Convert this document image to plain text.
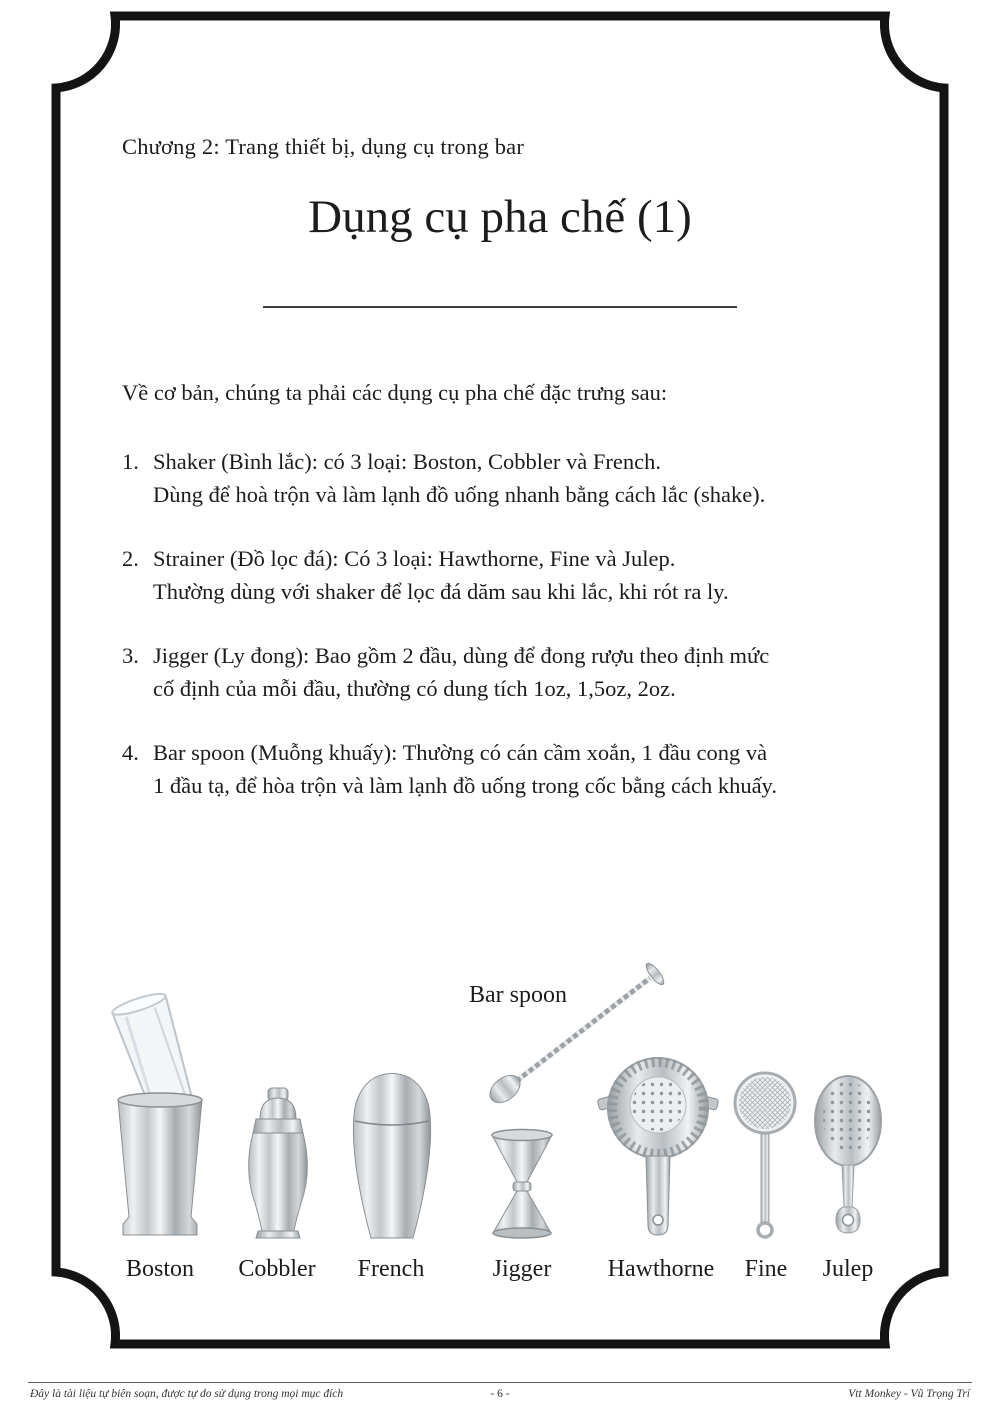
Chương 2: Trang thiết bị, dụng cụ trong bar
Dụng cụ pha chế (1)
Về cơ bản, chúng ta phải các dụng cụ pha chế đặc trưng sau:
1. Shaker (Bình lắc): có 3 loại: Boston, Cobbler và French.
Dùng để hoà trộn và làm lạnh đồ uống nhanh bằng cách lắc (shake).
2. Strainer (Đồ lọc đá): Có 3 loại: Hawthorne, Fine và Julep.
Thường dùng với shaker để lọc đá dăm sau khi lắc, khi rót ra ly.
3. Jigger (Ly đong): Bao gồm 2 đầu, dùng để đong rượu theo định mức
cố định của mỗi đầu, thường có dung tích 1oz, 1,5oz, 2oz.
4. Bar spoon (Muỗng khuấy): Thường có cán cầm xoắn, 1 đầu cong và
1 đầu tạ, để hòa trộn và làm lạnh đồ uống trong cốc bằng cách khuấy.
Bar spoon
Boston Cobbler French	Jigger Hawthorne Fine Julep
Đây là tài liệu tự biên soạn, được tự do sử dụng trong mọi mục đích	- 6 -	Vtt Monkey - Vũ Trọng Trí
